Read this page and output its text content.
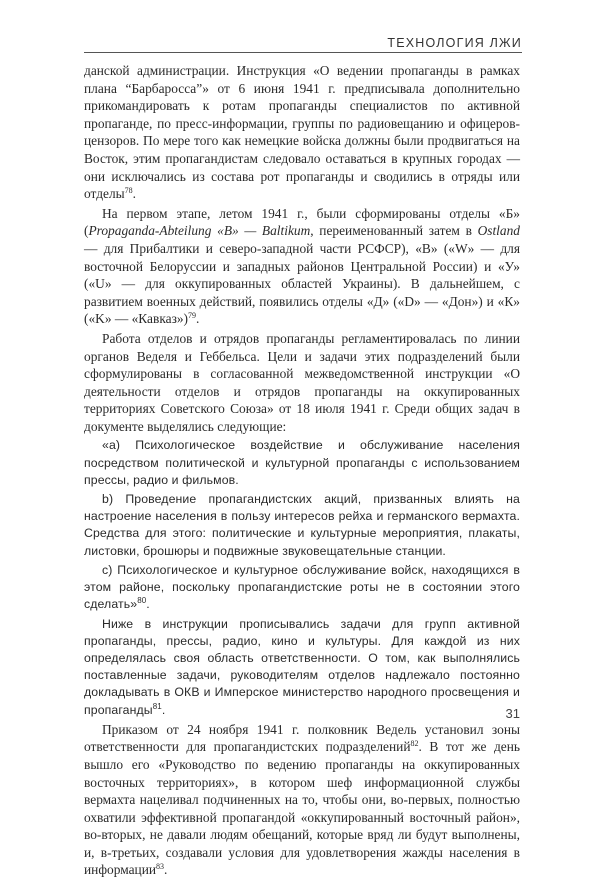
ТЕХНОЛОГИЯ ЛЖИ

данской администрации. Инструкция «О ведении пропаганды в рамках плана “Барбаросса”» от 6 июня 1941 г. предписывала дополнительно прикомандировать к ротам пропаганды специалистов по активной пропаганде, по пресс-информации, группы по радиовещанию и офицеров-цензоров. По мере того как немецкие войска должны были продвигаться на Восток, этим пропагандистам следовало оставаться в крупных городах — они исключались из состава рот пропаганды и сводились в отряды или отделы$^{78}$.

На первом этапе, летом 1941 г., были сформированы отделы «Б» (Propaganda-Abteilung «B» — Baltikum, переименованный затем в Ostland — для Прибалтики и северо-западной части РСФСР), «В» («W» — для восточной Белоруссии и западных районов Центральной России) и «У» («U» — для оккупированных областей Украины). В дальнейшем, с развитием военных действий, появились отделы «Д» («D» — «Дон») и «К» («K» — «Кавказ»)$^{79}$.

Работа отделов и отрядов пропаганды регламентировалась по линии органов Веделя и Геббельса. Цели и задачи этих подразделений были сформулированы в согласованной межведомственной инструкции «О деятельности отделов и отрядов пропаганды на оккупированных территориях Советского Союза» от 18 июля 1941 г. Среди общих задач в документе выделялись следующие:

«а) Психологическое воздействие и обслуживание населения посредством политической и культурной пропаганды с использованием прессы, радио и фильмов.

b) Проведение пропагандистских акций, призванных влиять на настроение населения в пользу интересов рейха и германского вермахта. Средства для этого: политические и культурные мероприятия, плакаты, листовки, брошюры и подвижные звуковещательные станции.

c) Психологическое и культурное обслуживание войск, находящихся в этом районе, поскольку пропагандистские роты не в состоянии этого сделать»$^{80}$.

Ниже в инструкции прописывались задачи для групп активной пропаганды, прессы, радио, кино и культуры. Для каждой из них определялась своя область ответственности. О том, как выполнялись поставленные задачи, руководителям отделов надлежало постоянно докладывать в ОКВ и Имперское министерство народного просвещения и пропаганды$^{81}$.

Приказом от 24 ноября 1941 г. полковник Ведель установил зоны ответственности для пропагандистских подразделений$^{82}$. В тот же день вышло его «Руководство по ведению пропаганды на оккупированных восточных территориях», в котором шеф информационной службы вермахта нацеливал подчиненных на то, чтобы они, во-первых, полностью охватили эффективной пропагандой «оккупированный восточный район», во-вторых, не давали людям обещаний, которые вряд ли будут выполнены, и, в-третьих, создавали условия для удовлетворения жажды населения в информации$^{83}$.

31
